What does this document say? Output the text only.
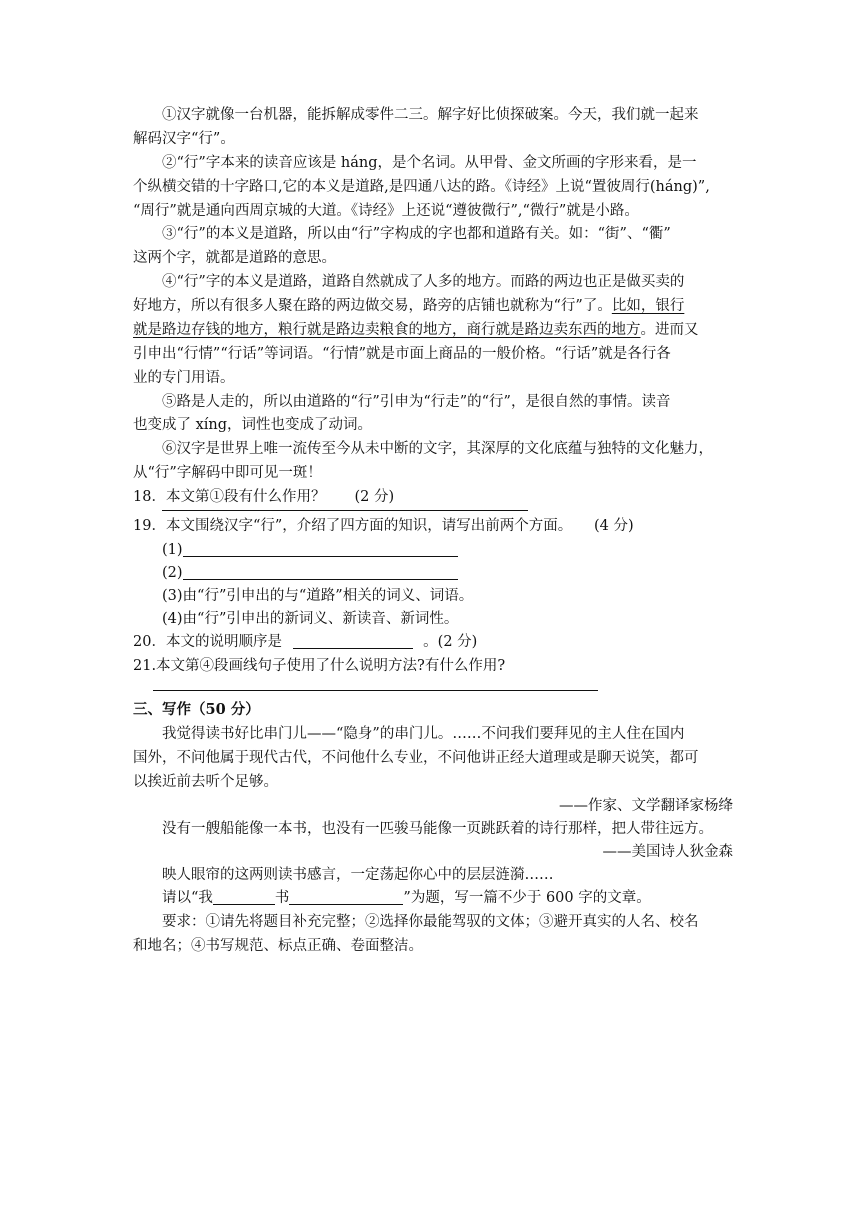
①汉字就像一台机器，能拆解成零件二三。解字好比侦探破案。今天，我们就一起来
解码汉字“行”。
②“行”字本来的读音应该是 háng，是个名词。从甲骨、金文所画的字形来看，是一
个纵横交错的十字路口,它的本义是道路,是四通八达的路。《诗经》上说“置彼周行(háng)”,
“周行”就是通向西周京城的大道。《诗经》上还说“遵彼微行”,“微行”就是小路。
③“行”的本义是道路，所以由“行”字构成的字也都和道路有关。如：“街”、“衢”
这两个字，就都是道路的意思。
④“行”字的本义是道路，道路自然就成了人多的地方。而路的两边也正是做买卖的
好地方，所以有很多人聚在路的两边做交易，路旁的店铺也就称为“行”了。比如，银行
就是路边存钱的地方，粮行就是路边卖粮食的地方，商行就是路边卖东西的地方。进而又
引申出“行情”“行话”等词语。“行情”就是市面上商品的一般价格。“行话”就是各行各
业的专门用语。
⑤路是人走的，所以由道路的“行”引申为“行走”的“行”，是很自然的事情。读音
也变成了 xíng，词性也变成了动词。
⑥汉字是世界上唯一流传至今从未中断的文字，其深厚的文化底蕴与独特的文化魅力，
从“行”字解码中即可见一斑！
18．本文第①段有什么作用？　　(2 分)
19．本文围绕汉字“行”，介绍了四方面的知识，请写出前两个方面。　　(4 分)
(1)
(2)
(3)由“行”引申出的与“道路”相关的词义、词语。
(4)由“行”引申出的新词义、新读音、新词性。
20．本文的说明顺序是	。(2 分)
21.本文第④段画线句子使用了什么说明方法?有什么作用?
三、写作（50 分）
我觉得读书好比串门儿——“隐身”的串门儿。……不问我们要拜见的主人住在国内
国外，不问他属于现代古代，不问他什么专业，不问他讲正经大道理或是聊天说笑，都可
以挨近前去听个足够。
——作家、文学翻译家杨绛
没有一艘船能像一本书，也没有一匹骏马能像一页跳跃着的诗行那样，把人带往远方。
——美国诗人狄金森
映人眼帘的这两则读书感言，一定荡起你心中的层层涟漪……
请以“我	书	”为题，写一篇不少于 600 字的文章。
要求：①请先将题目补充完整；②选择你最能驾驭的文体；③避开真实的人名、校名
和地名；④书写规范、标点正确、卷面整洁。
